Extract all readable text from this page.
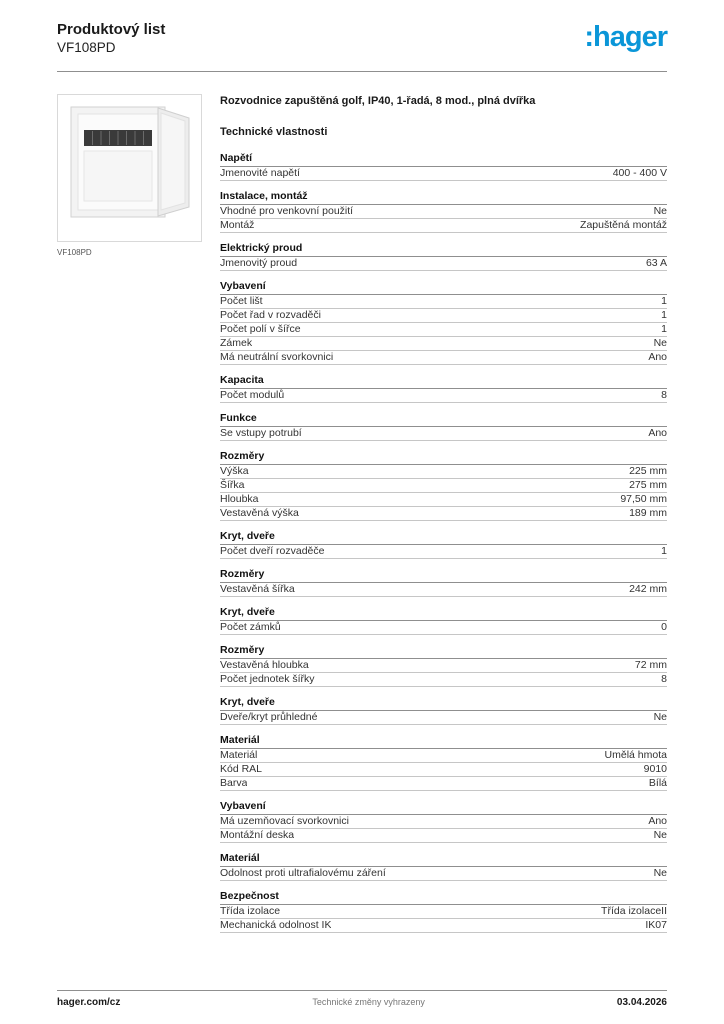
Produktový list
VF108PD	:hager
VF108PD
Rozvodnice zapuštěná golf, IP40, 1-řadá, 8 mod., plná dvířka
Technické vlastnosti
Napětí
Jmenovité napětí	400 - 400 V
Instalace, montáž
Vhodné pro venkovní použití	Ne
Montáž	Zapuštěná montáž
Elektrický proud
Jmenovitý proud	63 A
Vybavení
Počet lišt	1
Počet řad v rozvaděči	1
Počet polí v šířce	1
Zámek	Ne
Má neutrální svorkovnici	Ano
Kapacita
Počet modulů	8
Funkce
Se vstupy potrubí	Ano
Rozměry
Výška	225 mm
Šířka	275 mm
Hloubka	97,50 mm
Vestavěná výška	189 mm
Kryt, dveře
Počet dveří rozvaděče	1
Rozměry
Vestavěná šířka	242 mm
Kryt, dveře
Počet zámků	0
Rozměry
Vestavěná hloubka	72 mm
Počet jednotek šířky	8
Kryt, dveře
Dveře/kryt průhledné	Ne
Materiál
Materiál	Umělá hmota
Kód RAL	9010
Barva	Bílá
Vybavení
Má uzemňovací svorkovnici	Ano
Montážní deska	Ne
Materiál
Odolnost proti ultrafialovému záření	Ne
Bezpečnost
Třída izolace	Třída izolaceII
Mechanická odolnost IK	IK07
hager.com/cz	Technické změny vyhrazeny	03.04.2026
